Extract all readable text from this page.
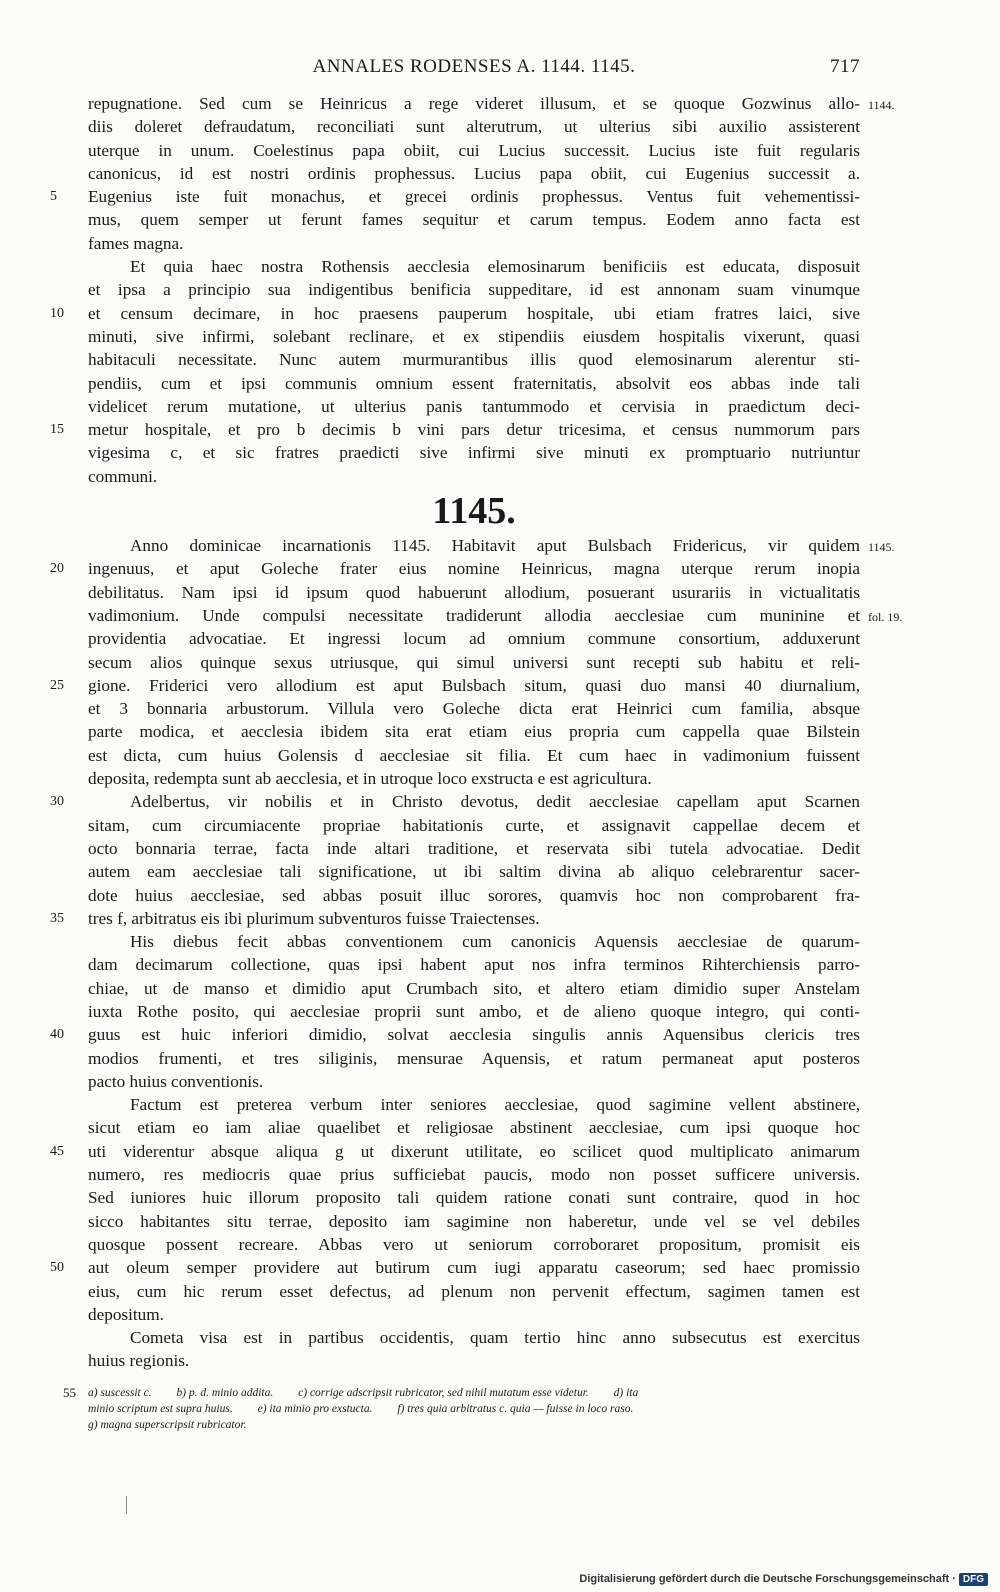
ANNALES RODENSES A. 1144. 1145.	717
repugnatione. Sed cum se Heinricus a rege videret illusum, et se quoque Gozwinus allo- 1144.
diis doleret defraudatum, reconciliati sunt alterutrum, ut ulterius sibi auxilio assisterent
uterque in unum. Coelestinus papa obiit, cui Lucius successit. Lucius iste fuit regularis
canonicus, id est nostri ordinis prophessus. Lucius papa obiit, cui Eugenius successit a.
5	Eugenius iste fuit monachus, et grecei ordinis prophessus. Ventus fuit vehementissi-
mus, quem semper ut ferunt fames sequitur et carum tempus. Eodem anno facta est
fames magna.
Et quia haec nostra Rothensis aecclesia elemosinarum benificiis est educata, disposuit
et ipsa a principio sua indigentibus benificia suppeditare, id est annonam suam vinumque
10	et censum decimare, in hoc praesens pauperum hospitale, ubi etiam fratres laici, sive
minuti, sive infirmi, solebant reclinare, et ex stipendiis eiusdem hospitalis vixerunt, quasi
habitaculi necessitate. Nunc autem murmurantibus illis quod elemosinarum alerentur sti-
pendiis, cum et ipsi communis omnium essent fraternitatis, absolvit eos abbas inde tali
videlicet rerum mutatione, ut ulterius panis tantummodo et cervisia in praedictum deci-
15	metur hospitale, et pro b decimis b vini pars detur tricesima, et census nummorum pars
vigesima c, et sic fratres praedicti sive infirmi sive minuti ex promptuario nutriuntur
communi.
1145.
Anno dominicae incarnationis 1145. Habitavit aput Bulsbach Fridericus, vir quidem 1145.
20	ingenuus, et aput Goleche frater eius nomine Heinricus, magna uterque rerum inopia
debilitatus. Nam ipsi id ipsum quod habuerunt allodium, posuerant usurariis in victualitatis
vadimonium. Unde compulsi necessitate tradiderunt allodia aecclesiae cum muninine et fol. 19.
providentia advocatiae. Et ingressi locum ad omnium commune consortium, adduxerunt
secum alios quinque sexus utriusque, qui simul universi sunt recepti sub habitu et reli-
25	gione. Friderici vero allodium est aput Bulsbach situm, quasi duo mansi 40 diurnalium,
et 3 bonnaria arbustorum. Villula vero Goleche dicta erat Heinrici cum familia, absque
parte modica, et aecclesia ibidem sita erat etiam eius propria cum cappella quae Bilstein
est dicta, cum huius Golensis d aecclesiae sit filia. Et cum haec in vadimonium fuissent
deposita, redempta sunt ab aecclesia, et in utroque loco exstructa e est agricultura.
30	Adelbertus, vir nobilis et in Christo devotus, dedit aecclesiae capellam aput Scarnen
sitam, cum circumiacente propriae habitationis curte, et assignavit cappellae decem et
octo bonnaria terrae, facta inde altari traditione, et reservata sibi tutela advocatiae. Dedit
autem eam aecclesiae tali significatione, ut ibi saltim divina ab aliquo celebrarentur sacer-
dote huius aecclesiae, sed abbas posuit illuc sorores, quamvis hoc non comprobarent fra-
35	tres f, arbitratus eis ibi plurimum subventuros fuisse Traiectenses.
His diebus fecit abbas conventionem cum canonicis Aquensis aecclesiae de quarum-
dam decimarum collectione, quas ipsi habent aput nos infra terminos Rihterchiensis parro-
chiae, ut de manso et dimidio aput Crumbach sito, et altero etiam dimidio super Anstelam
iuxta Rothe posito, qui aecclesiae proprii sunt ambo, et de alieno quoque integro, qui conti-
40	guus est huic inferiori dimidio, solvat aecclesia singulis annis Aquensibus clericis tres
modios frumenti, et tres siliginis, mensurae Aquensis, et ratum permaneat aput posteros
pacto huius conventionis.
Factum est preterea verbum inter seniores aecclesiae, quod sagimine vellent abstinere,
sicut etiam eo iam aliae quaelibet et religiosae abstinent aecclesiae, cum ipsi quoque hoc
45	uti viderentur absque aliqua g ut dixerunt utilitate, eo scilicet quod multiplicato animarum
numero, res mediocris quae prius sufficiebat paucis, modo non posset sufficere universis.
Sed iuniores huic illorum proposito tali quidem ratione conati sunt contraire, quod in hoc
sicco habitantes situ terrae, deposito iam sagimine non haberetur, unde vel se vel debiles
quosque possent recreare. Abbas vero ut seniorum corroboraret propositum, promisit eis
50	aut oleum semper providere aut butirum cum iugi apparatu caseorum; sed haec promissio
eius, cum hic rerum esset defectus, ad plenum non pervenit effectum, sagimen tamen est
depositum.
Cometa visa est in partibus occidentis, quam tertio hinc anno subsecutus est exercitus
huius regionis.
55 a) suscessit c. b) p. d. minio addita. c) corrige adscripsit rubricator, sed nihil mutatum esse videtur. d) ita
minio scriptum est supra huius. e) ita minio pro exstucta. f) tres quia arbitratus c. quia — fuisse in loco raso.
g) magna superscripsit rubricator.
Digitalisierung gefördert durch die Deutsche Forschungsgemeinschaft · DFG
